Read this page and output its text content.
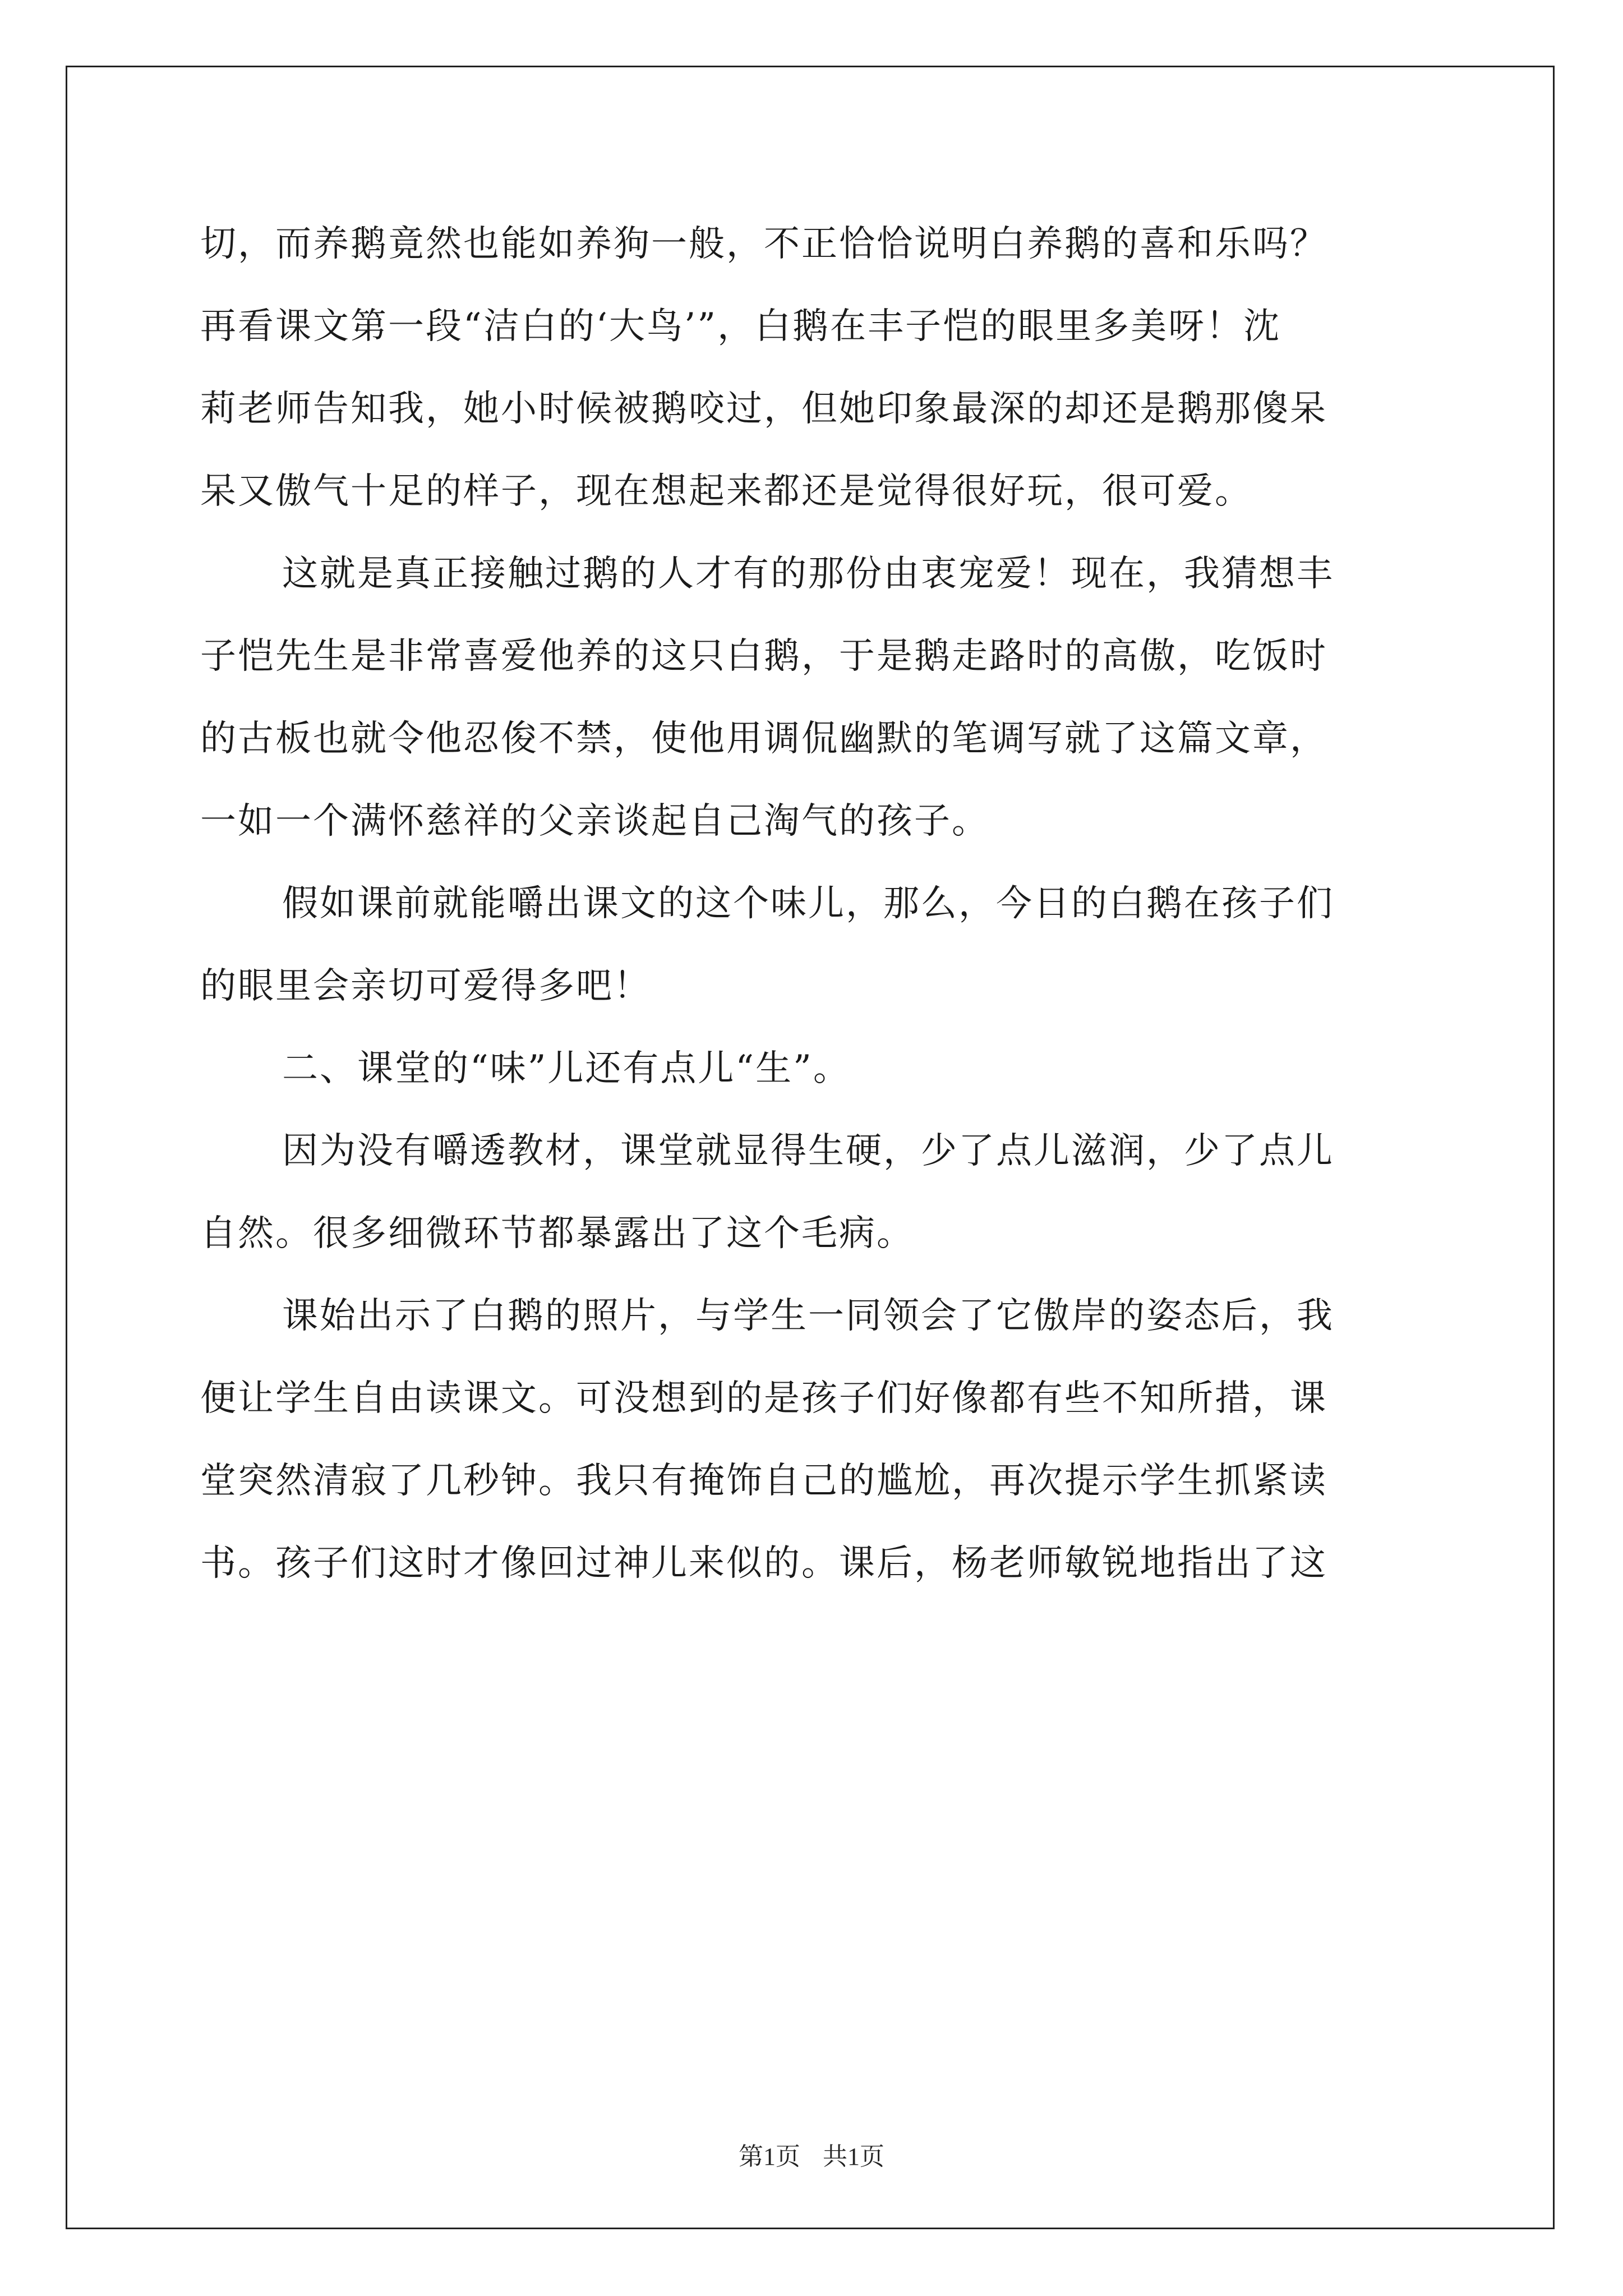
切，而养鹅竟然也能如养狗一般，不正恰恰说明白养鹅的喜和乐吗？
再看课文第一段“洁白的‘大鸟’”，白鹅在丰子恺的眼里多美呀！沈
莉老师告知我，她小时候被鹅咬过，但她印象最深的却还是鹅那傻呆
呆又傲气十足的样子，现在想起来都还是觉得很好玩，很可爱。
这就是真正接触过鹅的人才有的那份由衷宠爱！现在，我猜想丰
子恺先生是非常喜爱他养的这只白鹅，于是鹅走路时的高傲，吃饭时
的古板也就令他忍俊不禁，使他用调侃幽默的笔调写就了这篇文章，
一如一个满怀慈祥的父亲谈起自己淘气的孩子。
假如课前就能嚼出课文的这个味儿，那么，今日的白鹅在孩子们
的眼里会亲切可爱得多吧！
二、课堂的“味”儿还有点儿“生”。
因为没有嚼透教材，课堂就显得生硬，少了点儿滋润，少了点儿
自然。很多细微环节都暴露出了这个毛病。
课始出示了白鹅的照片，与学生一同领会了它傲岸的姿态后，我
便让学生自由读课文。可没想到的是孩子们好像都有些不知所措，课
堂突然清寂了几秒钟。我只有掩饰自己的尴尬，再次提示学生抓紧读
书。孩子们这时才像回过神儿来似的。课后，杨老师敏锐地指出了这
第1页 共1页
